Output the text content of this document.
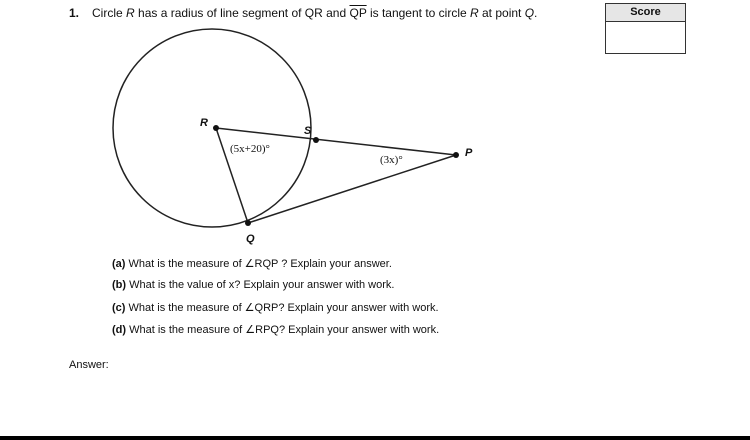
1. Circle R has a radius of line segment of QR and $\overline{QP}$ is tangent to circle R at point Q.	Score
R
S
P
Q
(5x+20)°
(3x)°
(a) What is the measure of ∠RQP ? Explain your answer.
(b) What is the value of x? Explain your answer with work.
(c) What is the measure of ∠QRP? Explain your answer with work.
(d) What is the measure of ∠RPQ? Explain your answer with work.
Answer:
